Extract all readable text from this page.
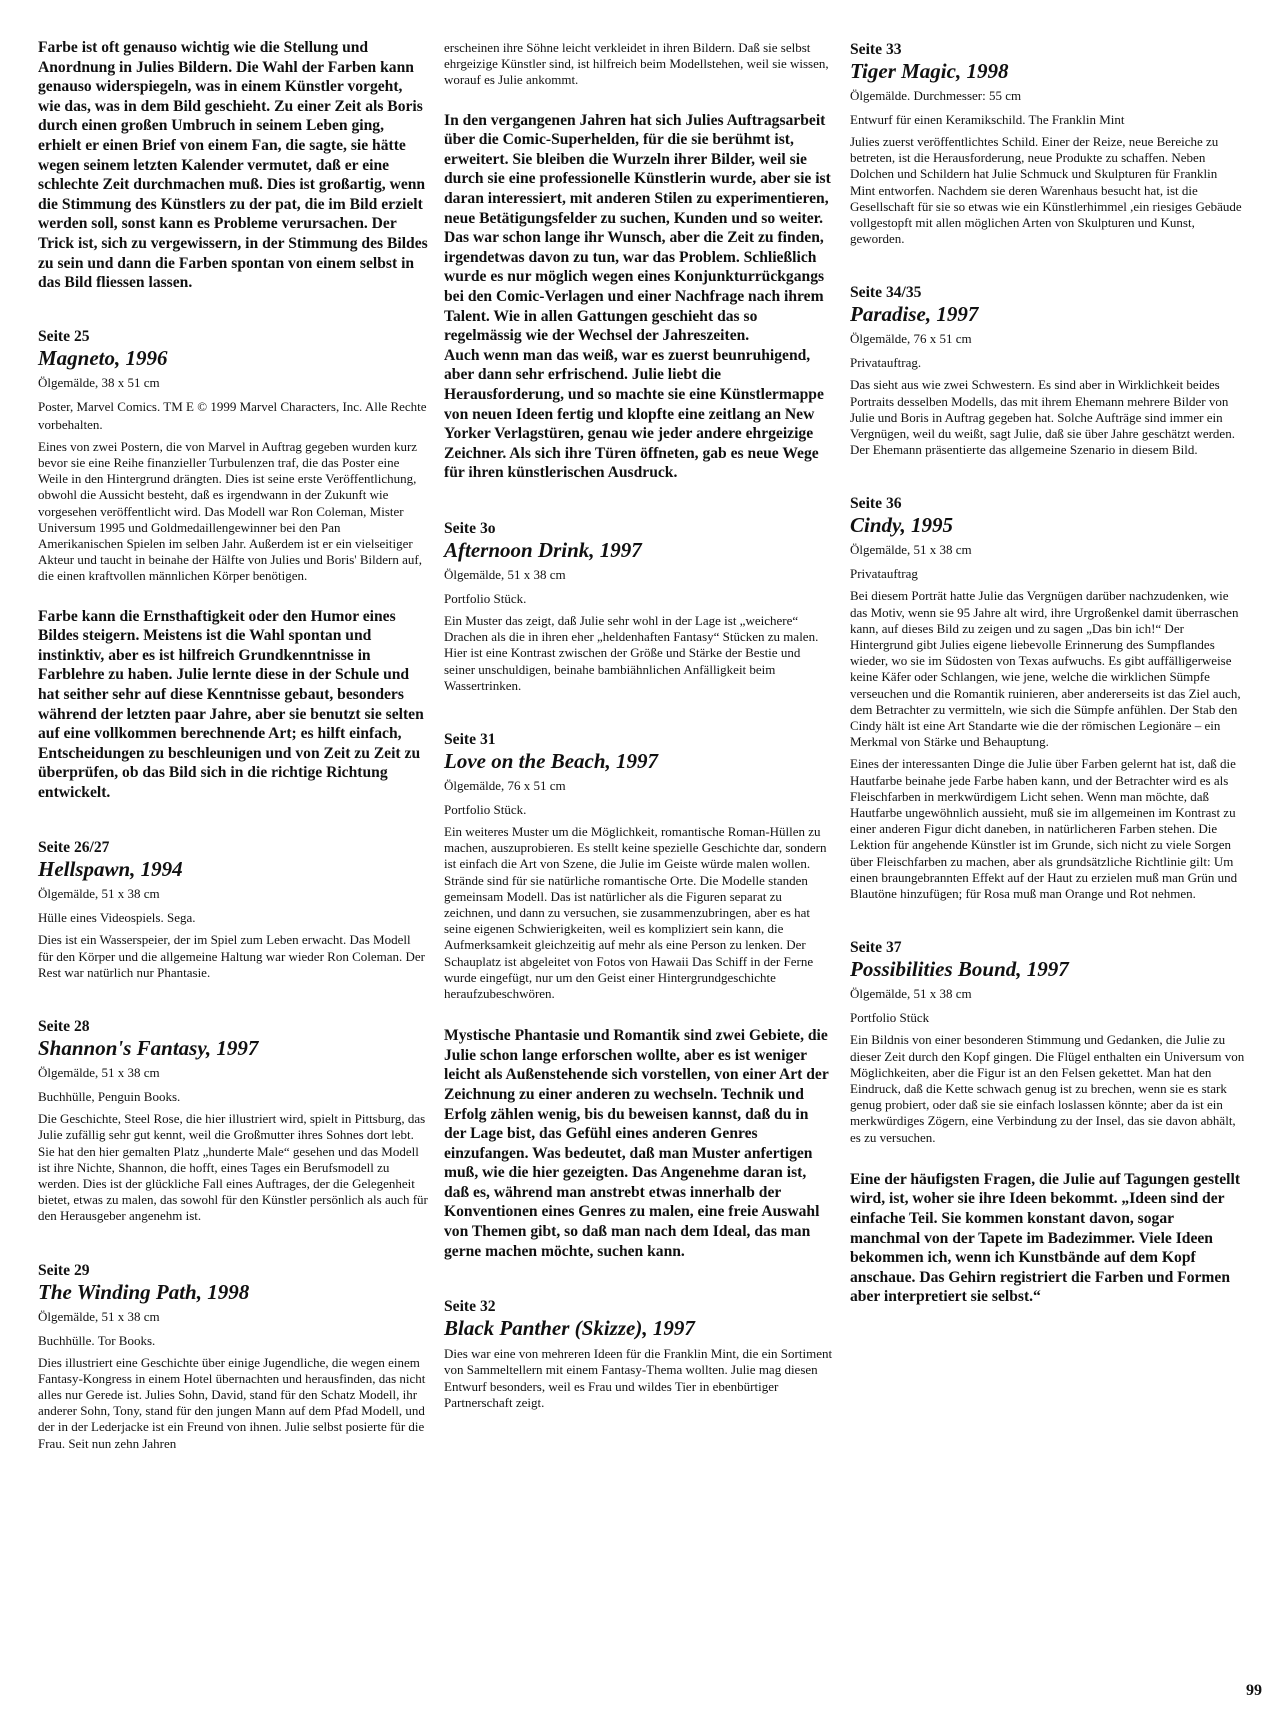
Farbe ist oft genauso wichtig wie die Stellung und Anordnung in Julies Bildern. Die Wahl der Farben kann genauso widerspiegeln, was in einem Künstler vorgeht, wie das, was in dem Bild geschieht. Zu einer Zeit als Boris durch einen großen Umbruch in seinem Leben ging, erhielt er einen Brief von einem Fan, die sagte, sie hätte wegen seinem letzten Kalender vermutet, daß er eine schlechte Zeit durchmachen muß. Dies ist großartig, wenn die Stimmung des Künstlers zu der pat, die im Bild erzielt werden soll, sonst kann es Probleme verursachen. Der Trick ist, sich zu vergewissern, in der Stimmung des Bildes zu sein und dann die Farben spontan von einem selbst in das Bild fliessen lassen.

Seite 25

Magneto, 1996

Ölgemälde, 38 x 51 cm

Poster, Marvel Comics. TM E © 1999 Marvel Characters, Inc. Alle Rechte vorbehalten.

Eines von zwei Postern, die von Marvel in Auftrag gegeben wurden kurz bevor sie eine Reihe finanzieller Turbulenzen traf, die das Poster eine Weile in den Hintergrund drängten. Dies ist seine erste Veröffentlichung, obwohl die Aussicht besteht, daß es irgendwann in der Zukunft wie vorgesehen veröffentlicht wird. Das Modell war Ron Coleman, Mister Universum 1995 und Goldmedaillengewinner bei den Pan Amerikanischen Spielen im selben Jahr. Außerdem ist er ein vielseitiger Akteur und taucht in beinahe der Hälfte von Julies und Boris' Bildern auf, die einen kraftvollen männlichen Körper benötigen.

Farbe kann die Ernsthaftigkeit oder den Humor eines Bildes steigern. Meistens ist die Wahl spontan und instinktiv, aber es ist hilfreich Grundkenntnisse in Farblehre zu haben. Julie lernte diese in der Schule und hat seither sehr auf diese Kenntnisse gebaut, besonders während der letzten paar Jahre, aber sie benutzt sie selten auf eine vollkommen berechnende Art; es hilft einfach, Entscheidungen zu beschleunigen und von Zeit zu Zeit zu überprüfen, ob das Bild sich in die richtige Richtung entwickelt.

Seite 26/27

Hellspawn, 1994

Ölgemälde, 51 x 38 cm

Hülle eines Videospiels. Sega.

Dies ist ein Wasserspeier, der im Spiel zum Leben erwacht. Das Modell für den Körper und die allgemeine Haltung war wieder Ron Coleman. Der Rest war natürlich nur Phantasie.

Seite 28

Shannon's Fantasy, 1997

Ölgemälde, 51 x 38 cm

Buchhülle, Penguin Books.

Die Geschichte, Steel Rose, die hier illustriert wird, spielt in Pittsburg, das Julie zufällig sehr gut kennt, weil die Großmutter ihres Sohnes dort lebt. Sie hat den hier gemalten Platz „hunderte Male“ gesehen und das Modell ist ihre Nichte, Shannon, die hofft, eines Tages ein Berufsmodell zu werden. Dies ist der glückliche Fall eines Auftrages, der die Gelegenheit bietet, etwas zu malen, das sowohl für den Künstler persönlich als auch für den Herausgeber angenehm ist.

Seite 29

The Winding Path, 1998

Ölgemälde, 51 x 38 cm

Buchhülle. Tor Books.

Dies illustriert eine Geschichte über einige Jugendliche, die wegen einem Fantasy-Kongress in einem Hotel übernachten und herausfinden, das nicht alles nur Gerede ist. Julies Sohn, David, stand für den Schatz Modell, ihr anderer Sohn, Tony, stand für den jungen Mann auf dem Pfad Modell, und der in der Lederjacke ist ein Freund von ihnen. Julie selbst posierte für die Frau. Seit nun zehn Jahren

erscheinen ihre Söhne leicht verkleidet in ihren Bildern. Daß sie selbst ehrgeizige Künstler sind, ist hilfreich beim Modellstehen, weil sie wissen, worauf es Julie ankommt.

In den vergangenen Jahren hat sich Julies Auftragsarbeit über die Comic-Superhelden, für die sie berühmt ist, erweitert. Sie bleiben die Wurzeln ihrer Bilder, weil sie durch sie eine professionelle Künstlerin wurde, aber sie ist daran interessiert, mit anderen Stilen zu experimentieren, neue Betätigungsfelder zu suchen, Kunden und so weiter.

Das war schon lange ihr Wunsch, aber die Zeit zu finden, irgendetwas davon zu tun, war das Problem. Schließlich wurde es nur möglich wegen eines Konjunkturrückgangs bei den Comic-Verlagen und einer Nachfrage nach ihrem Talent. Wie in allen Gattungen geschieht das so regelmässig wie der Wechsel der Jahreszeiten.

Auch wenn man das weiß, war es zuerst beunruhigend, aber dann sehr erfrischend. Julie liebt die Herausforderung, und so machte sie eine Künstlermappe von neuen Ideen fertig und klopfte eine zeitlang an New Yorker Verlagstüren, genau wie jeder andere ehrgeizige Zeichner. Als sich ihre Türen öffneten, gab es neue Wege für ihren künstlerischen Ausdruck.

Seite 3o

Afternoon Drink, 1997

Ölgemälde, 51 x 38 cm

Portfolio Stück.

Ein Muster das zeigt, daß Julie sehr wohl in der Lage ist „weichere“ Drachen als die in ihren eher „heldenhaften Fantasy“ Stücken zu malen. Hier ist eine Kontrast zwischen der Größe und Stärke der Bestie und seiner unschuldigen, beinahe bambiähnlichen Anfälligkeit beim Wassertrinken.

Seite 31

Love on the Beach, 1997

Ölgemälde, 76 x 51 cm

Portfolio Stück.

Ein weiteres Muster um die Möglichkeit, romantische Roman-Hüllen zu machen, auszuprobieren. Es stellt keine spezielle Geschichte dar, sondern ist einfach die Art von Szene, die Julie im Geiste würde malen wollen. Strände sind für sie natürliche romantische Orte. Die Modelle standen gemeinsam Modell. Das ist natürlicher als die Figuren separat zu zeichnen, und dann zu versuchen, sie zusammenzubringen, aber es hat seine eigenen Schwierigkeiten, weil es kompliziert sein kann, die Aufmerksamkeit gleichzeitig auf mehr als eine Person zu lenken. Der Schauplatz ist abgeleitet von Fotos von Hawaii Das Schiff in der Ferne wurde eingefügt, nur um den Geist einer Hintergrundgeschichte heraufzubeschwören.

Mystische Phantasie und Romantik sind zwei Gebiete, die Julie schon lange erforschen wollte, aber es ist weniger leicht als Außenstehende sich vorstellen, von einer Art der Zeichnung zu einer anderen zu wechseln. Technik und Erfolg zählen wenig, bis du beweisen kannst, daß du in der Lage bist, das Gefühl eines anderen Genres einzufangen. Was bedeutet, daß man Muster anfertigen muß, wie die hier gezeigten. Das Angenehme daran ist, daß es, während man anstrebt etwas innerhalb der Konventionen eines Genres zu malen, eine freie Auswahl von Themen gibt, so daß man nach dem Ideal, das man gerne machen möchte, suchen kann.

Seite 32

Black Panther (Skizze), 1997

Dies war eine von mehreren Ideen für die Franklin Mint, die ein Sortiment von Sammeltellern mit einem Fantasy-Thema wollten. Julie mag diesen Entwurf besonders, weil es Frau und wildes Tier in ebenbürtiger Partnerschaft zeigt.

Seite 33

Tiger Magic, 1998

Ölgemälde. Durchmesser: 55 cm

Entwurf für einen Keramikschild. The Franklin Mint

Julies zuerst veröffentlichtes Schild. Einer der Reize, neue Bereiche zu betreten, ist die Herausforderung, neue Produkte zu schaffen. Neben Dolchen und Schildern hat Julie Schmuck und Skulpturen für Franklin Mint entworfen. Nachdem sie deren Warenhaus besucht hat, ist die Gesellschaft für sie so etwas wie ein Künstlerhimmel ,ein riesiges Gebäude vollgestopft mit allen möglichen Arten von Skulpturen und Kunst, geworden.

Seite 34/35

Paradise, 1997

Ölgemälde, 76 x 51 cm

Privatauftrag.

Das sieht aus wie zwei Schwestern. Es sind aber in Wirklichkeit beides Portraits desselben Modells, das mit ihrem Ehemann mehrere Bilder von Julie und Boris in Auftrag gegeben hat. Solche Aufträge sind immer ein Vergnügen, weil du weißt, sagt Julie, daß sie über Jahre geschätzt werden. Der Ehemann präsentierte das allgemeine Szenario in diesem Bild.

Seite 36

Cindy, 1995

Ölgemälde, 51 x 38 cm

Privatauftrag

Bei diesem Porträt hatte Julie das Vergnügen darüber nachzudenken, wie das Motiv, wenn sie 95 Jahre alt wird, ihre Urgroßenkel damit überraschen kann, auf dieses Bild zu zeigen und zu sagen „Das bin ich!“ Der Hintergrund gibt Julies eigene liebevolle Erinnerung des Sumpflandes wieder, wo sie im Südosten von Texas aufwuchs. Es gibt auffälligerweise keine Käfer oder Schlangen, wie jene, welche die wirklichen Sümpfe verseuchen und die Romantik ruinieren, aber andererseits ist das Ziel auch, dem Betrachter zu vermitteln, wie sich die Sümpfe anfühlen. Der Stab den Cindy hält ist eine Art Standarte wie die der römischen Legionäre – ein Merkmal von Stärke und Behauptung.

Eines der interessanten Dinge die Julie über Farben gelernt hat ist, daß die Hautfarbe beinahe jede Farbe haben kann, und der Betrachter wird es als Fleischfarben in merkwürdigem Licht sehen. Wenn man möchte, daß Hautfarbe ungewöhnlich aussieht, muß sie im allgemeinen im Kontrast zu einer anderen Figur dicht daneben, in natürlicheren Farben stehen. Die Lektion für angehende Künstler ist im Grunde, sich nicht zu viele Sorgen über Fleischfarben zu machen, aber als grundsätzliche Richtlinie gilt: Um einen braungebrannten Effekt auf der Haut zu erzielen muß man Grün und Blautöne hinzufügen; für Rosa muß man Orange und Rot nehmen.

Seite 37

Possibilities Bound, 1997

Ölgemälde, 51 x 38 cm

Portfolio Stück

Ein Bildnis von einer besonderen Stimmung und Gedanken, die Julie zu dieser Zeit durch den Kopf gingen. Die Flügel enthalten ein Universum von Möglichkeiten, aber die Figur ist an den Felsen gekettet. Man hat den Eindruck, daß die Kette schwach genug ist zu brechen, wenn sie es stark genug probiert, oder daß sie sie einfach loslassen könnte; aber da ist ein merkwürdiges Zögern, eine Verbindung zu der Insel, das sie davon abhält, es zu versuchen.

Eine der häufigsten Fragen, die Julie auf Tagungen gestellt wird, ist, woher sie ihre Ideen bekommt. „Ideen sind der einfache Teil. Sie kommen konstant davon, sogar manchmal von der Tapete im Badezimmer. Viele Ideen bekommen ich, wenn ich Kunstbände auf dem Kopf anschaue. Das Gehirn registriert die Farben und Formen aber interpretiert sie selbst.“

99
